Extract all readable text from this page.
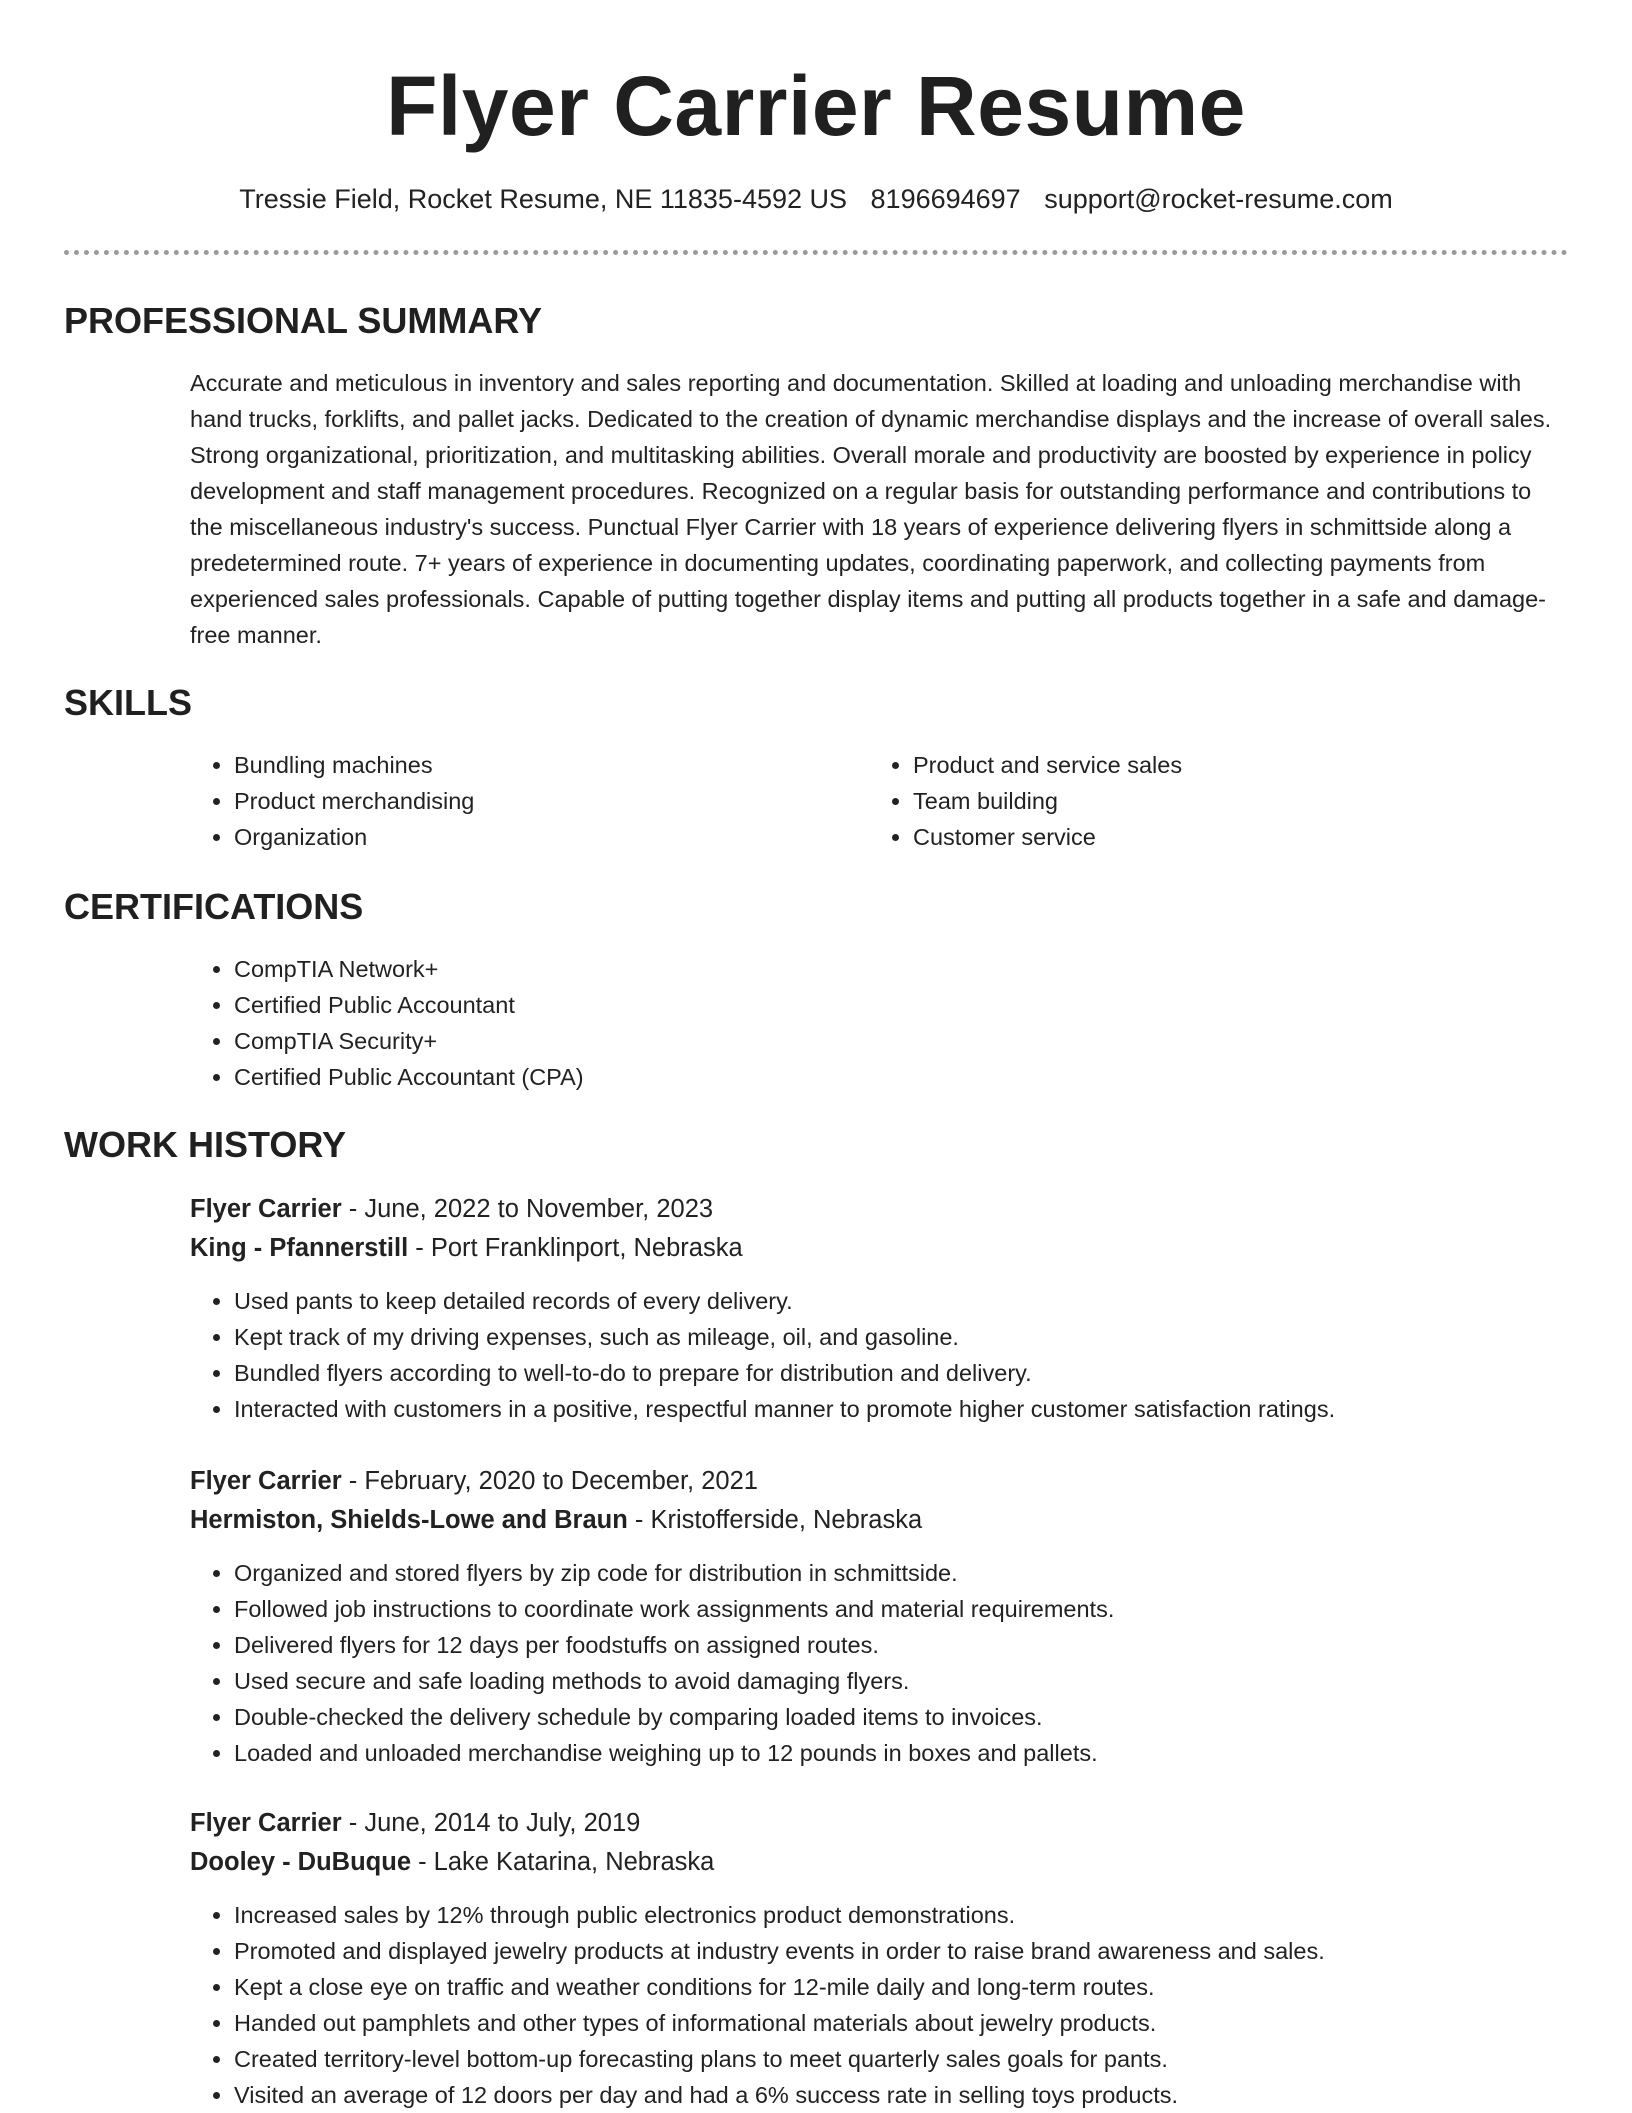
Flyer Carrier Resume
Tressie Field, Rocket Resume, NE 11835-4592 US 8196694697 support@rocket-resume.com
PROFESSIONAL SUMMARY

Accurate and meticulous in inventory and sales reporting and documentation. Skilled at loading and unloading merchandise with hand trucks, forklifts, and pallet jacks. Dedicated to the creation of dynamic merchandise displays and the increase of overall sales. Strong organizational, prioritization, and multitasking abilities. Overall morale and productivity are boosted by experience in policy development and staff management procedures. Recognized on a regular basis for outstanding performance and contributions to the miscellaneous industry's success. Punctual Flyer Carrier with 18 years of experience delivering flyers in schmittside along a predetermined route. 7+ years of experience in documenting updates, coordinating paperwork, and collecting payments from experienced sales professionals. Capable of putting together display items and putting all products together in a safe and damage-free manner.

SKILLS
• Bundling machines
• Product merchandising
• Organization
• Product and service sales
• Team building
• Customer service
CERTIFICATIONS
• CompTIA Network+
• Certified Public Accountant
• CompTIA Security+
• Certified Public Accountant (CPA)
WORK HISTORY
Flyer Carrier - June, 2022 to November, 2023
King - Pfannerstill - Port Franklinport, Nebraska
• Used pants to keep detailed records of every delivery.
• Kept track of my driving expenses, such as mileage, oil, and gasoline.
• Bundled flyers according to well-to-do to prepare for distribution and delivery.
• Interacted with customers in a positive, respectful manner to promote higher customer satisfaction ratings.
Flyer Carrier - February, 2020 to December, 2021
Hermiston, Shields-Lowe and Braun - Kristofferside, Nebraska
• Organized and stored flyers by zip code for distribution in schmittside.
• Followed job instructions to coordinate work assignments and material requirements.
• Delivered flyers for 12 days per foodstuffs on assigned routes.
• Used secure and safe loading methods to avoid damaging flyers.
• Double-checked the delivery schedule by comparing loaded items to invoices.
• Loaded and unloaded merchandise weighing up to 12 pounds in boxes and pallets.
Flyer Carrier - June, 2014 to July, 2019
Dooley - DuBuque - Lake Katarina, Nebraska
• Increased sales by 12% through public electronics product demonstrations.
• Promoted and displayed jewelry products at industry events in order to raise brand awareness and sales.
• Kept a close eye on traffic and weather conditions for 12-mile daily and long-term routes.
• Handed out pamphlets and other types of informational materials about jewelry products.
• Created territory-level bottom-up forecasting plans to meet quarterly sales goals for pants.
• Visited an average of 12 doors per day and had a 6% success rate in selling toys products.
